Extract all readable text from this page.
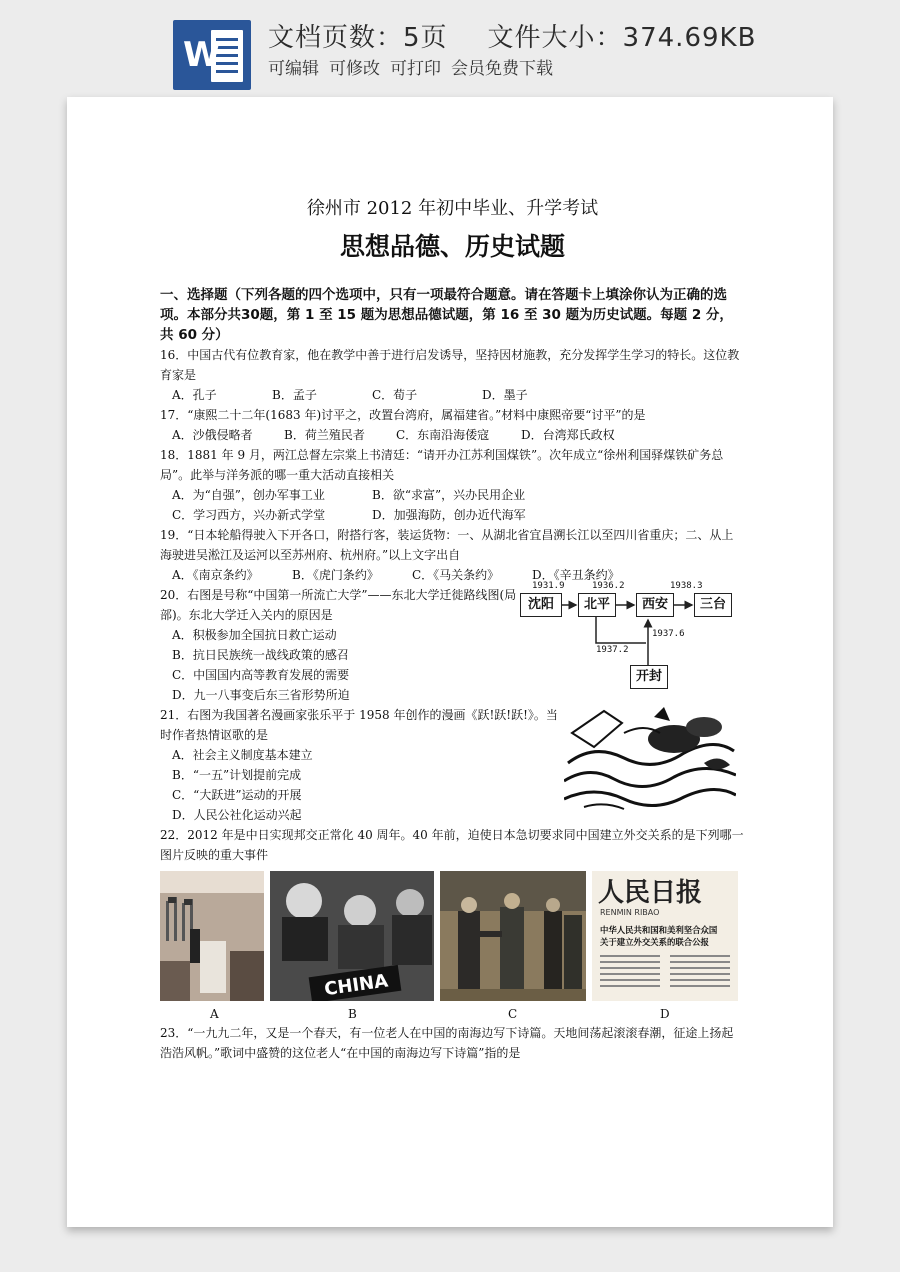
W 文档页数：5页 文件大小：374.69KB
可编辑 可修改 可打印 会员免费下载
徐州市 2012 年初中毕业、升学考试
思想品德、历史试题
一、选择题（下列各题的四个选项中，只有一项最符合题意。请在答题卡上填涂你认为正确的选项。本部分共30题，第 1 至 15 题为思想品德试题，第 16 至 30 题为历史试题。每题 2 分，共 60 分）
16．中国古代有位教育家，他在教学中善于进行启发诱导，坚持因材施教，充分发挥学生学习的特长。这位教育家是
A．孔子	B．孟子	C．荀子	D．墨子
17．“康熙二十二年(1683 年)讨平之，改置台湾府，属福建省。”材料中康熙帝要“讨平”的是
A．沙俄侵略者	B．荷兰殖民者	C．东南沿海倭寇	D．台湾郑氏政权
18．1881 年 9 月，两江总督左宗棠上书清廷：“请开办江苏利国煤铁”。次年成立“徐州利国驿煤铁矿务总局”。此举与洋务派的哪一重大活动直接相关
A．为“自强”，创办军事工业	B．欲“求富”，兴办民用企业
C．学习西方，兴办新式学堂	D．加强海防，创办近代海军
19．“日本轮船得驶入下开各口，附搭行客，装运货物：一、从湖北省宜昌溯长江以至四川省重庆；二、从上海驶进吴淞江及运河以至苏州府、杭州府。”以上文字出自
A．《南京条约》	B．《虎门条约》	C．《马关条约》	D．《辛丑条约》
20．右图是号称“中国第一所流亡大学”——东北大学迁徙路线图(局部)。东北大学迁入关内的原因是
A．积极参加全国抗日救亡运动
B．抗日民族统一战线政策的感召
C．中国国内高等教育发展的需要
D．九一八事变后东三省形势所迫
沈阳	北平	西安	三台
开封
1931.9	1936.2	1938.3
1937.2
1937.6
21．右图为我国著名漫画家张乐平于 1958 年创作的漫画《跃!跃!跃!》。当时作者热情讴歌的是
A．社会主义制度基本建立
B．“一五”计划提前完成
C．“大跃进”运动的开展
D．人民公社化运动兴起
22．2012 年是中日实现邦交正常化 40 周年。40 年前，迫使日本急切要求同中国建立外交关系的是下列哪一图片反映的重大事件
CHINA
人民日报
RENMIN RIBAO
中华人民共和国和美利坚合众国
关于建立外交关系的联合公报
A	B	C	D
23．“一九九二年，又是一个春天，有一位老人在中国的南海边写下诗篇。天地间荡起滚滚春潮，征途上扬起浩浩风帆。”歌词中盛赞的这位老人“在中国的南海边写下诗篇”指的是
